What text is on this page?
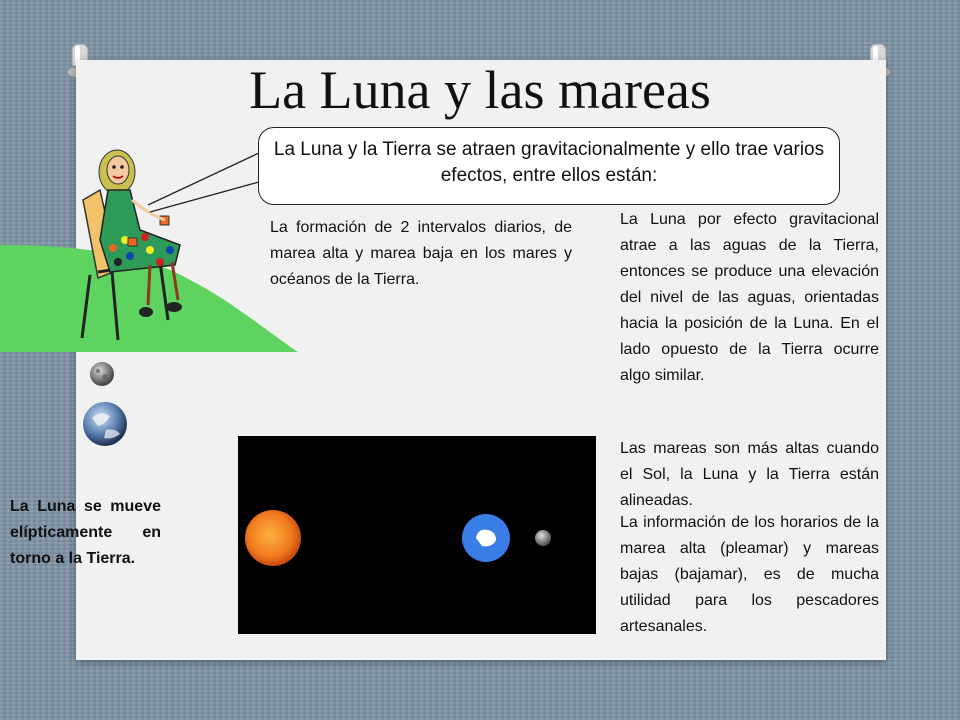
La Luna y las mareas
La Luna y la Tierra se atraen gravitacionalmente y ello trae varios efectos, entre ellos están:

La formación de 2 intervalos diarios, de marea alta y marea baja en los mares y océanos de la Tierra.

La Luna por efecto gravitacional atrae a las aguas de la Tierra, entonces se produce una elevación del nivel de las aguas, orientadas hacia la posición de la Luna. En el lado opuesto de la Tierra ocurre algo similar.

Las mareas son más altas cuando el Sol, la Luna y la Tierra están alineadas.

La información de los horarios de la marea alta (pleamar) y mareas bajas (bajamar), es de mucha utilidad para los pescadores artesanales.

La Luna se mueve elípticamente en torno a la Tierra.
